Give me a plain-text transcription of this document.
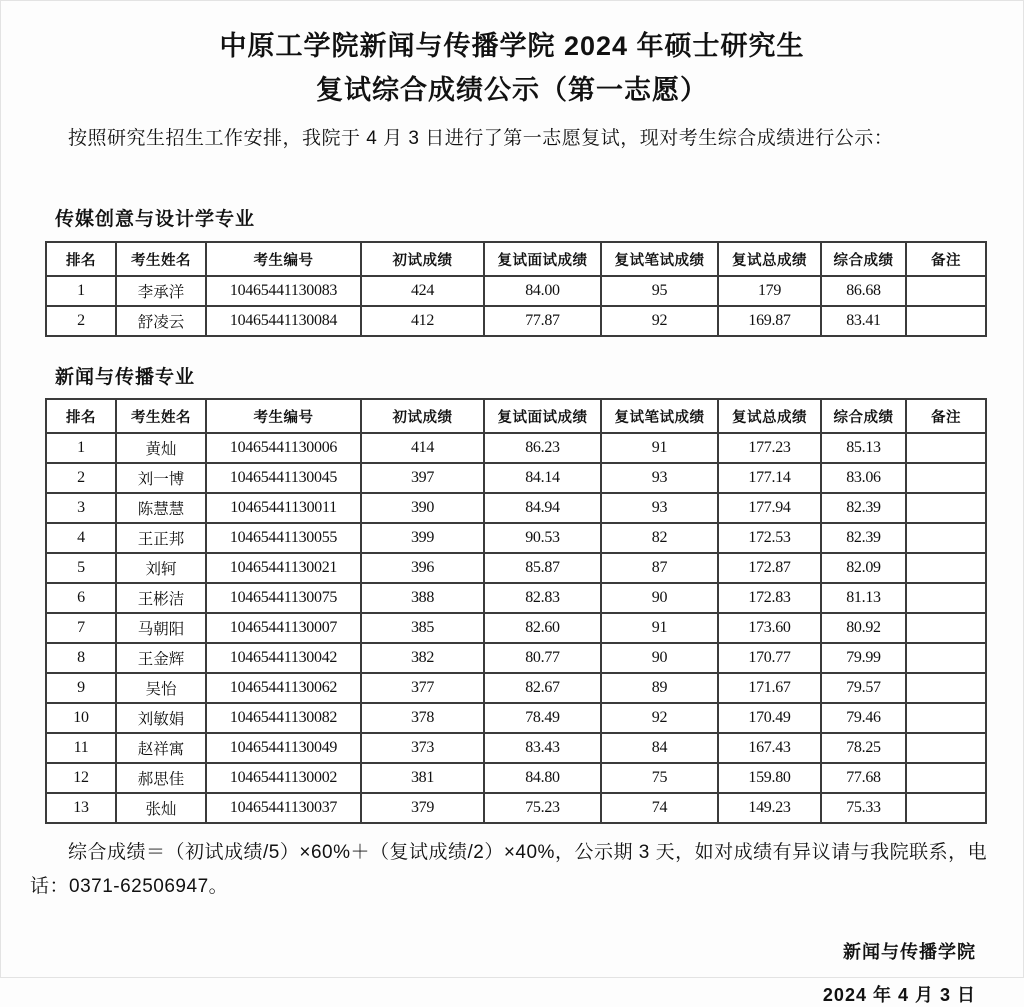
中原工学院新闻与传播学院 2024 年硕士研究生
复试综合成绩公示（第一志愿）

按照研究生招生工作安排，我院于 4 月 3 日进行了第一志愿复试，现对考生综合成绩进行公示：

传媒创意与设计学专业
排名	考生姓名	考生编号	初试成绩	复试面试成绩	复试笔试成绩	复试总成绩	综合成绩	备注
1	李承洋	10465441130083	424	84.00	95	179	86.68	
2	舒凌云	10465441130084	412	77.87	92	169.87	83.41	
新闻与传播专业
排名	考生姓名	考生编号	初试成绩	复试面试成绩	复试笔试成绩	复试总成绩	综合成绩	备注
1	黄灿	10465441130006	414	86.23	91	177.23	85.13	
2	刘一博	10465441130045	397	84.14	93	177.14	83.06	
3	陈慧慧	10465441130011	390	84.94	93	177.94	82.39	
4	王正邦	10465441130055	399	90.53	82	172.53	82.39	
5	刘轲	10465441130021	396	85.87	87	172.87	82.09	
6	王彬洁	10465441130075	388	82.83	90	172.83	81.13	
7	马朝阳	10465441130007	385	82.60	91	173.60	80.92	
8	王金辉	10465441130042	382	80.77	90	170.77	79.99	
9	吴怡	10465441130062	377	82.67	89	171.67	79.57	
10	刘敏娟	10465441130082	378	78.49	92	170.49	79.46	
11	赵祥寓	10465441130049	373	83.43	84	167.43	78.25	
12	郝思佳	10465441130002	381	84.80	75	159.80	77.68	
13	张灿	10465441130037	379	75.23	74	149.23	75.33	

综合成绩＝（初试成绩/5）×60%＋（复试成绩/2）×40%，公示期 3 天，如对成绩有异议请与我院联系，电话：0371-62506947。

新闻与传播学院
2024 年 4 月 3 日
